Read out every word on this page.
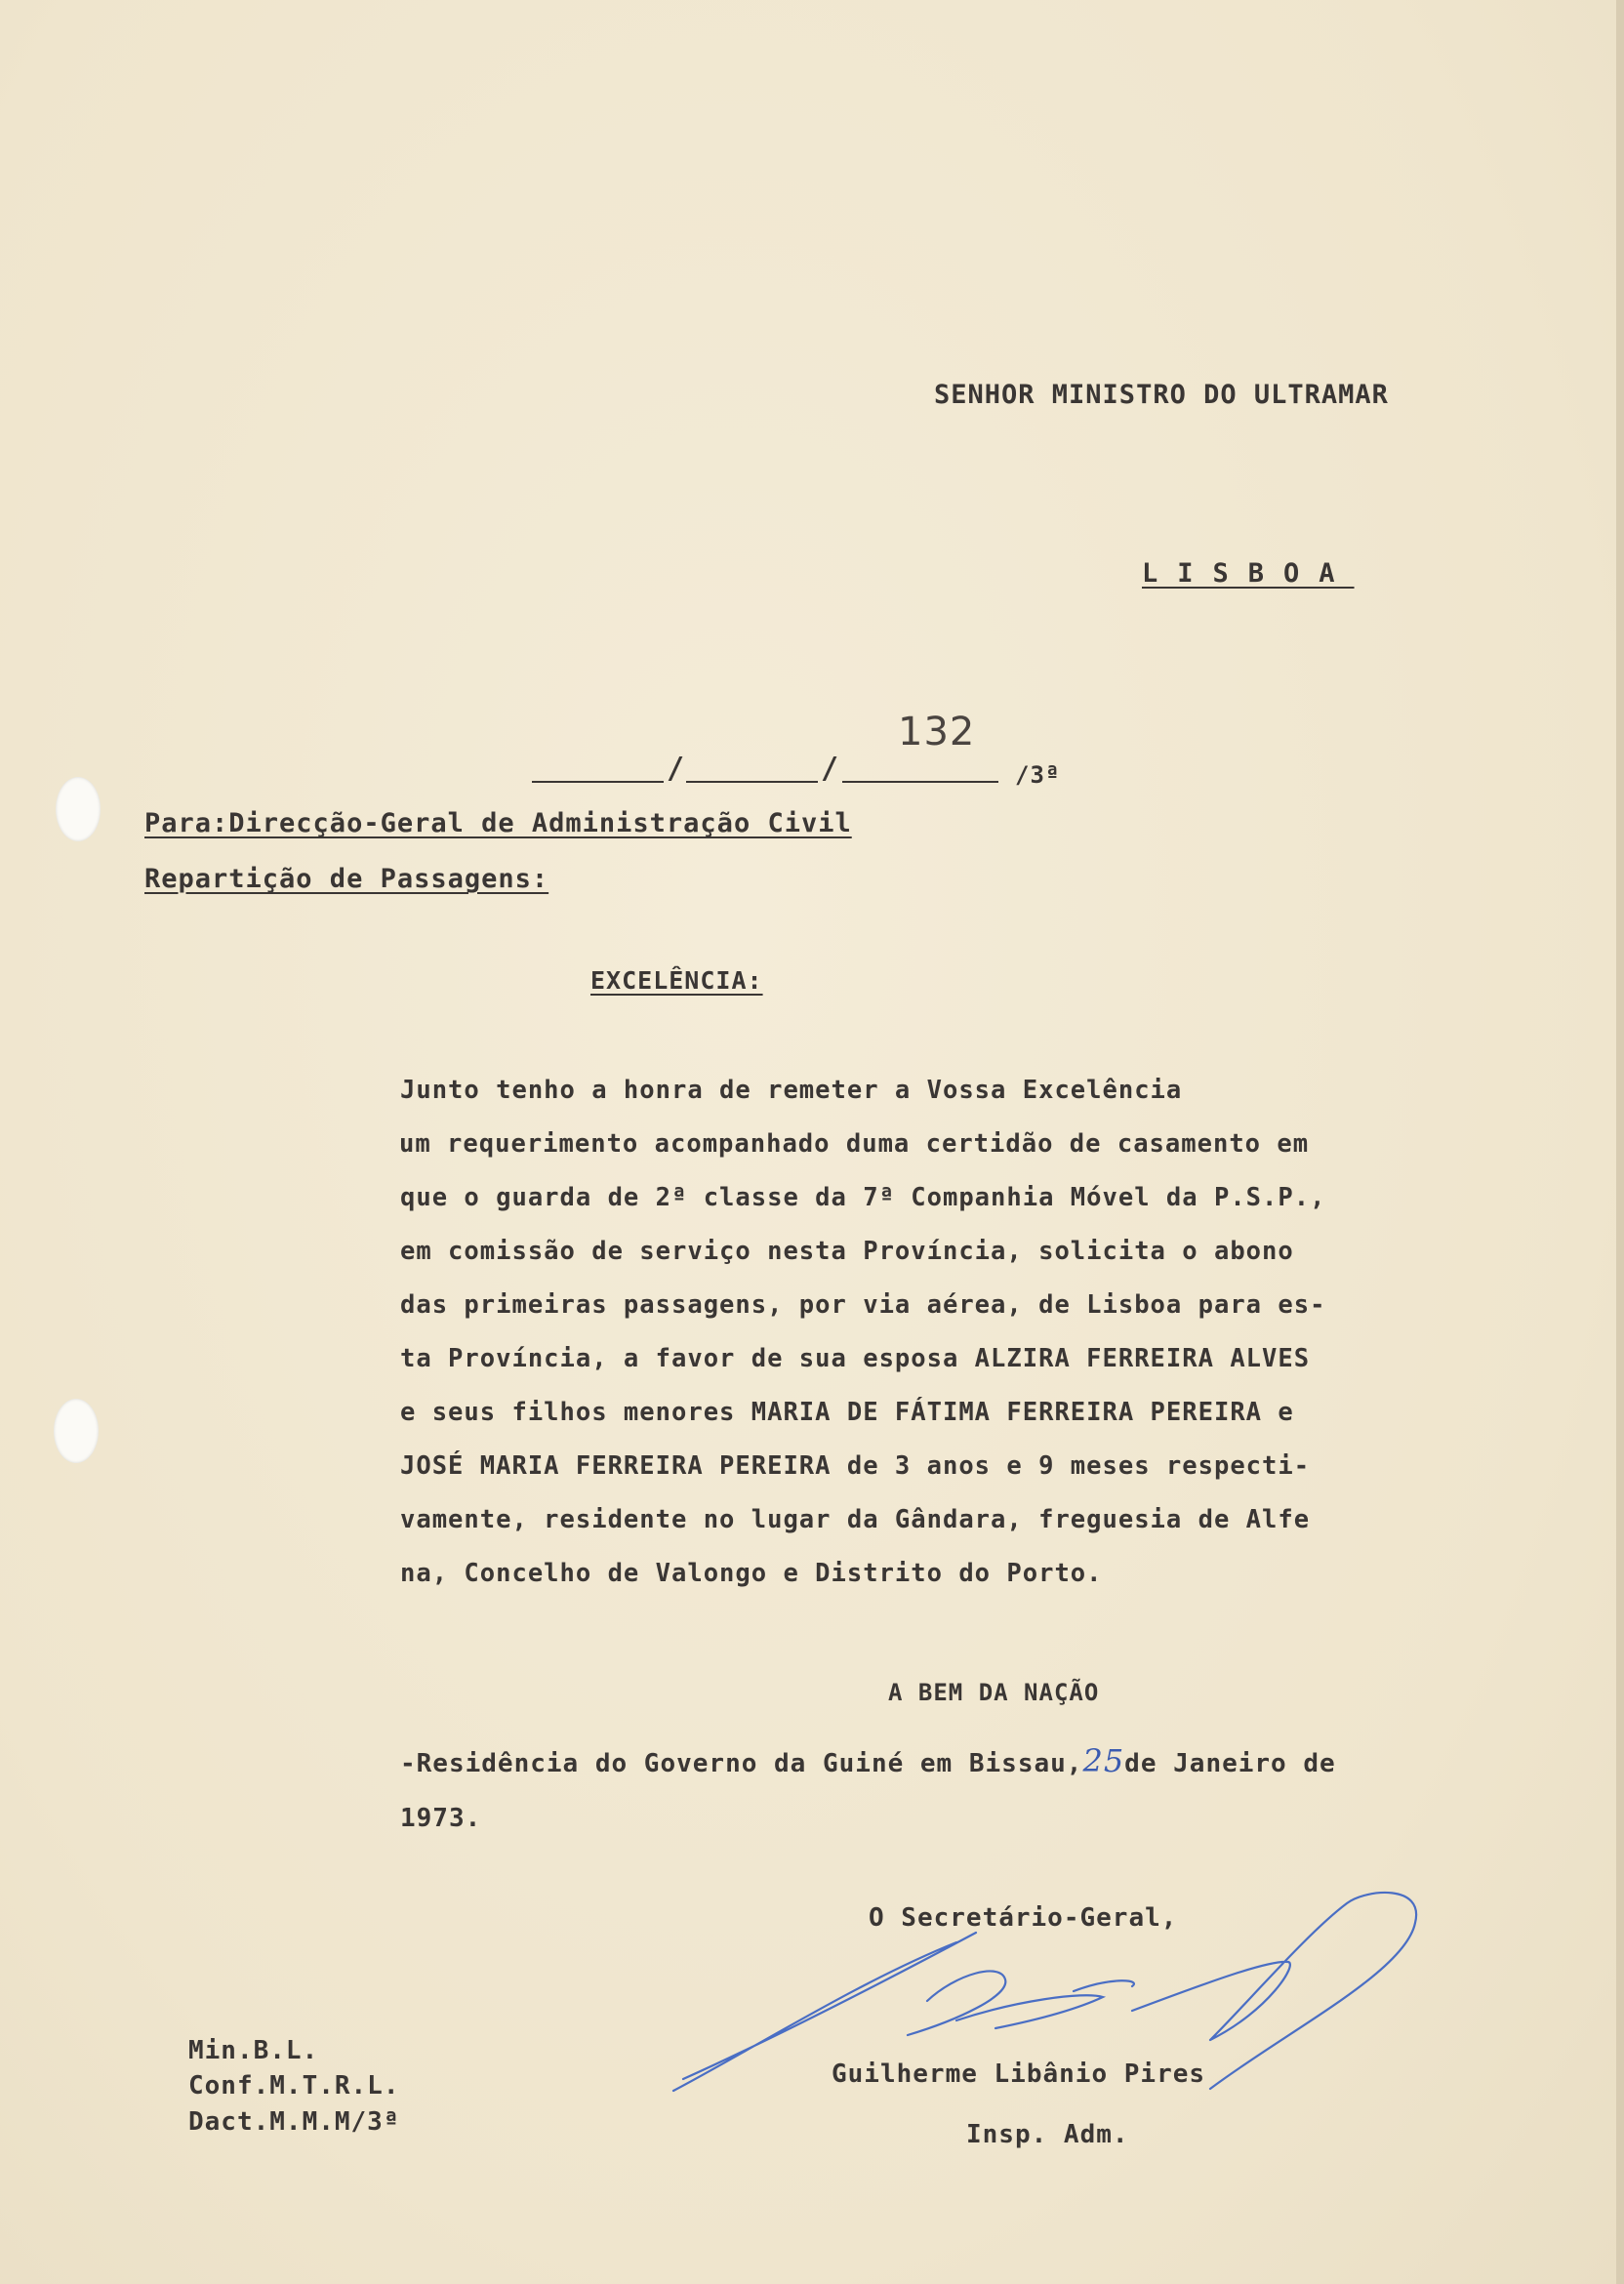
SENHOR MINISTRO DO ULTRAMAR
LISBOA
132
/	/	/3ª
Para:Direcção-Geral de Administração Civil
Repartição de Passagens:
EXCELÊNCIA:
Junto tenho a honra de remeter a Vossa Excelência
um requerimento acompanhado duma certidão de casamento em
que o guarda de 2ª classe da 7ª Companhia Móvel da P.S.P.,
em comissão de serviço nesta Província, solicita o abono
das primeiras passagens, por via aérea, de Lisboa para es-
ta Província, a favor de sua esposa ALZIRA FERREIRA ALVES
e seus filhos menores MARIA DE FÁTIMA FERREIRA PEREIRA e
JOSÉ MARIA FERREIRA PEREIRA de 3 anos e 9 meses respecti-
vamente, residente no lugar da Gândara, freguesia de Alfe
na, Concelho de Valongo e Distrito do Porto.
A BEM DA NAÇÃO
-Residência do Governo da Guiné em Bissau,25de Janeiro de
1973.
O Secretário-Geral,
Guilherme Libânio Pires
Insp. Adm.
Min.B.L.
Conf.M.T.R.L.
Dact.M.M.M/3ª
